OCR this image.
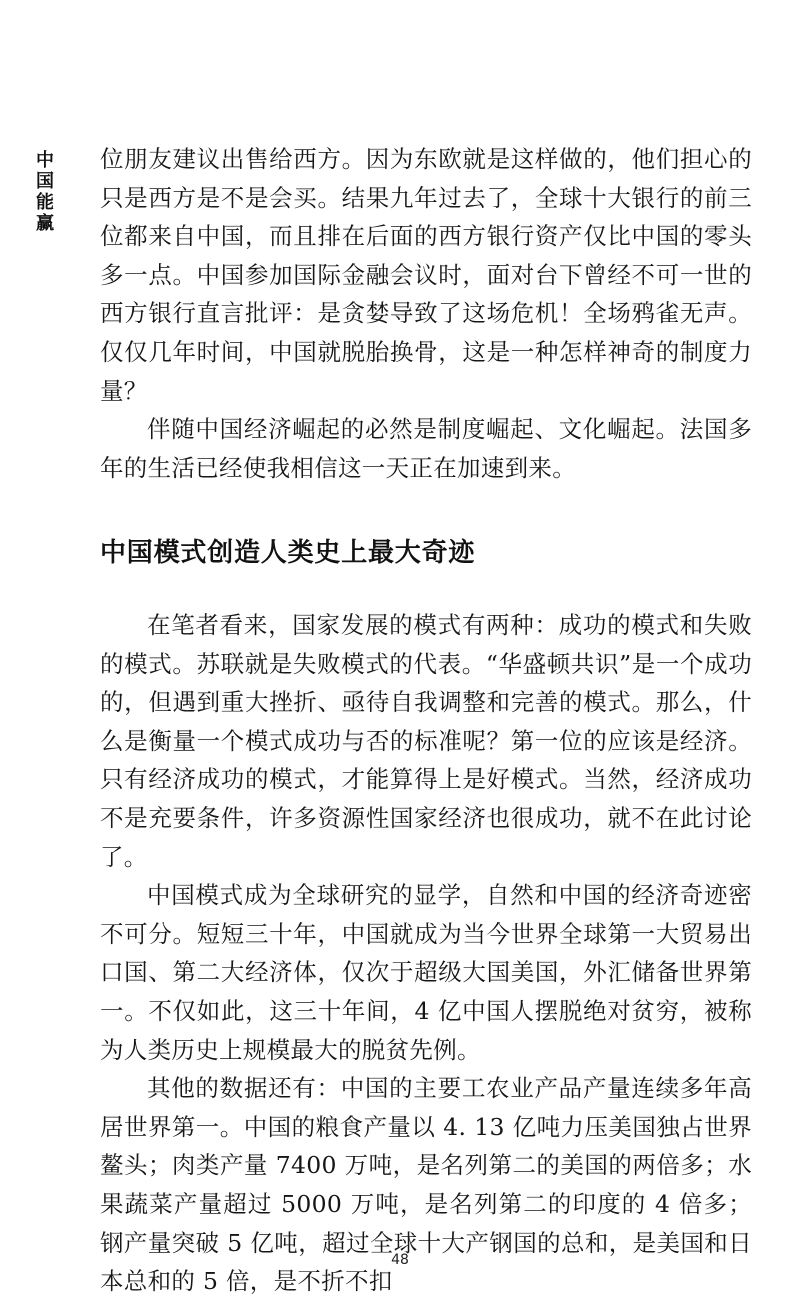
中国能赢

位朋友建议出售给西方。因为东欧就是这样做的，他们担心的只是西方是不是会买。结果九年过去了，全球十大银行的前三位都来自中国，而且排在后面的西方银行资产仅比中国的零头多一点。中国参加国际金融会议时，面对台下曾经不可一世的西方银行直言批评：是贪婪导致了这场危机！全场鸦雀无声。仅仅几年时间，中国就脱胎换骨，这是一种怎样神奇的制度力量？

伴随中国经济崛起的必然是制度崛起、文化崛起。法国多年的生活已经使我相信这一天正在加速到来。

中国模式创造人类史上最大奇迹

在笔者看来，国家发展的模式有两种：成功的模式和失败的模式。苏联就是失败模式的代表。“华盛顿共识”是一个成功的，但遇到重大挫折、亟待自我调整和完善的模式。那么，什么是衡量一个模式成功与否的标准呢？第一位的应该是经济。只有经济成功的模式，才能算得上是好模式。当然，经济成功不是充要条件，许多资源性国家经济也很成功，就不在此讨论了。

中国模式成为全球研究的显学，自然和中国的经济奇迹密不可分。短短三十年，中国就成为当今世界全球第一大贸易出口国、第二大经济体，仅次于超级大国美国，外汇储备世界第一。不仅如此，这三十年间，4 亿中国人摆脱绝对贫穷，被称为人类历史上规模最大的脱贫先例。

其他的数据还有：中国的主要工农业产品产量连续多年高居世界第一。中国的粮食产量以 4. 13 亿吨力压美国独占世界鳌头；肉类产量 7400 万吨，是名列第二的美国的两倍多；水果蔬菜产量超过 5000 万吨，是名列第二的印度的 4 倍多；钢产量突破 5 亿吨，超过全球十大产钢国的总和，是美国和日本总和的 5 倍，是不折不扣

48
